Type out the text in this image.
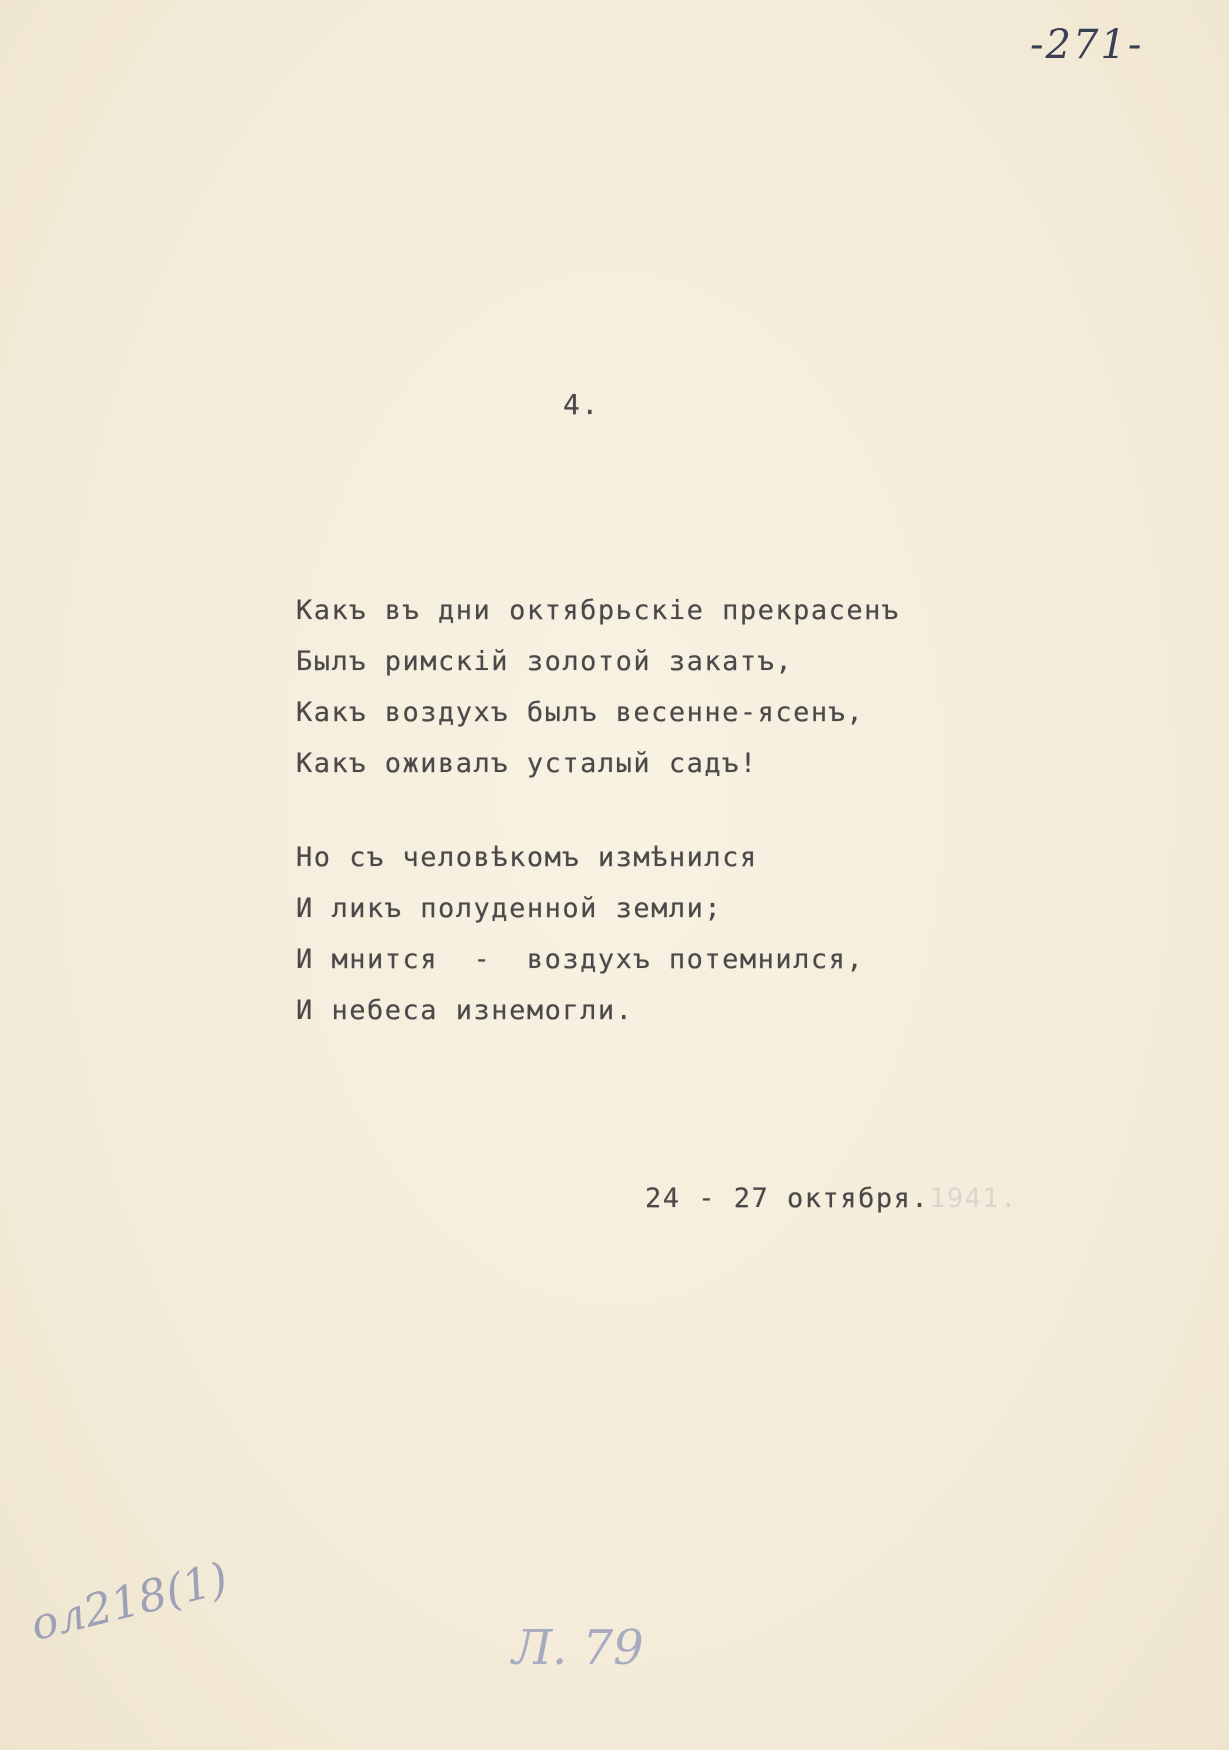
-271-
4.
Какъ въ дни октябрьскіе прекрасенъ
Былъ римскій золотой закатъ,
Какъ воздухъ былъ весенне-ясенъ,
Какъ оживалъ усталый садъ!
Но съ человѣкомъ измѣнился
И ликъ полуденной земли;
И мнится  -  воздухъ потемнился,
И небеса изнемогли.
24 - 27 октября.1941.
ол218(1)	Л. 79
